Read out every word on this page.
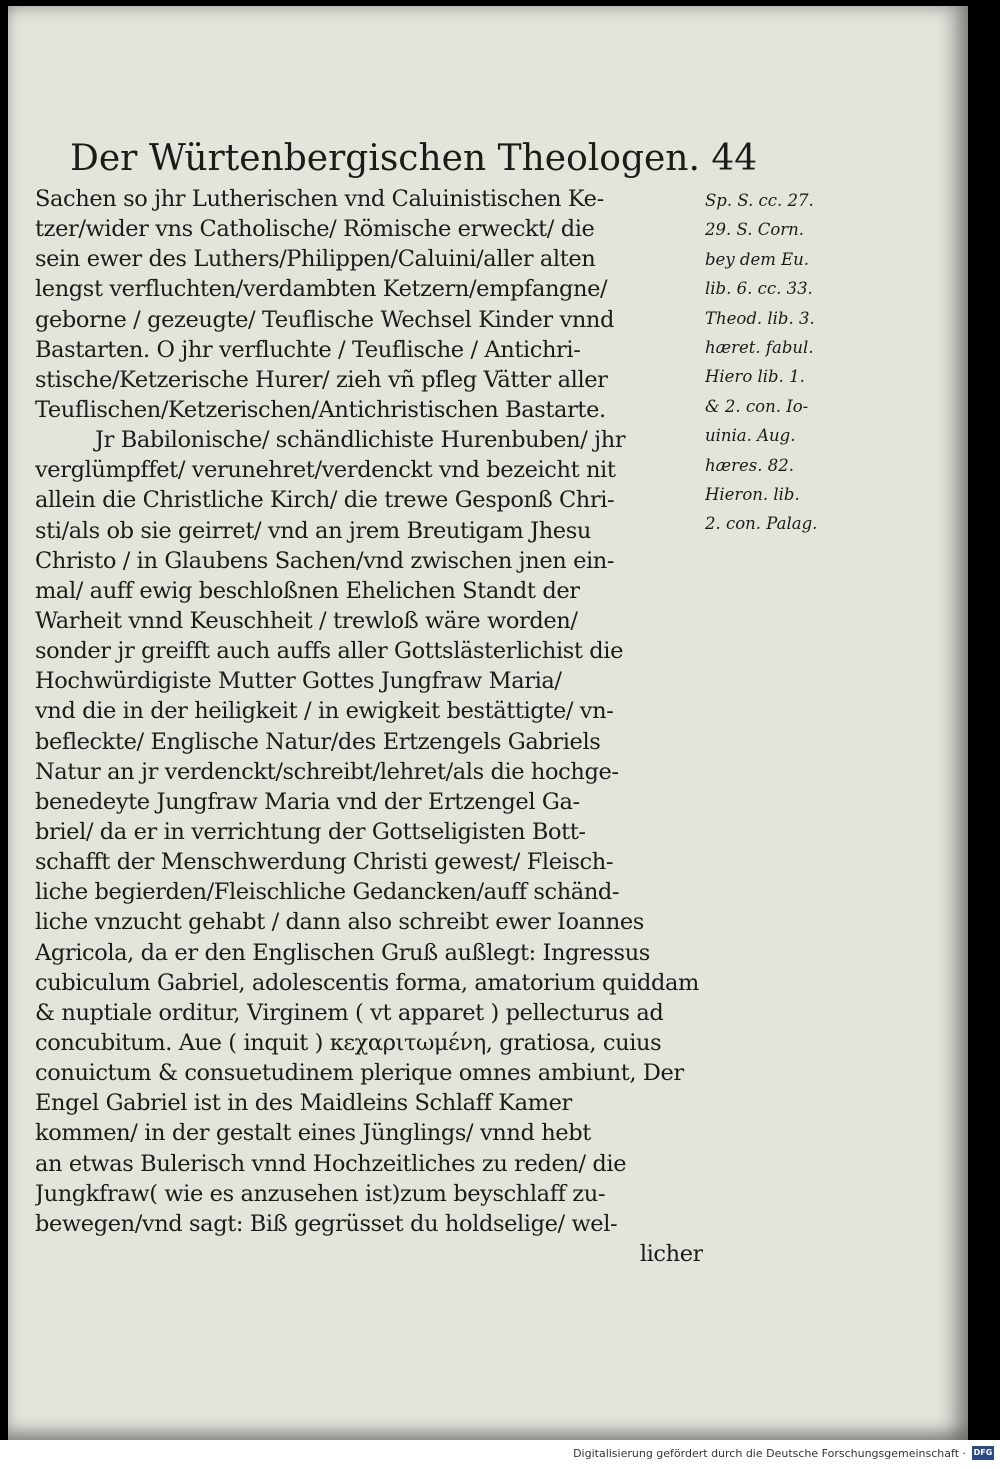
Der Würtenbergischen Theologen. 44
Sachen so jhr Lutherischen vnd Caluinistischen Ke-
tzer/wider vns Catholische/ Römische erweckt/ die
sein ewer des Luthers/Philippen/Caluini/aller alten
lengst verfluchten/verdambten Ketzern/empfangne/
geborne / gezeugte/ Teuflische Wechsel Kinder vnnd
Bastarten. O jhr verfluchte / Teuflische / Antichri-
stische/Ketzerische Hurer/ zieh vñ pfleg Vätter aller
Teuflischen/Ketzerischen/Antichristischen Bastarte.
Jr Babilonische/ schändlichiste Hurenbuben/ jhr
verglümpffet/ verunehret/verdenckt vnd bezeicht nit
allein die Christliche Kirch/ die trewe Gesponß Chri-
sti/als ob sie geirret/ vnd an jrem Breutigam Jhesu
Christo / in Glaubens Sachen/vnd zwischen jnen ein-
mal/ auff ewig beschloßnen Ehelichen Standt der
Warheit vnnd Keuschheit / trewloß wäre worden/
sonder jr greifft auch auffs aller Gottslästerlichist die
Hochwürdigiste Mutter Gottes Jungfraw Maria/
vnd die in der heiligkeit / in ewigkeit bestättigte/ vn-
befleckte/ Englische Natur/des Ertzengels Gabriels
Natur an jr verdenckt/schreibt/lehret/als die hochge-
benedeyte Jungfraw Maria vnd der Ertzengel Ga-
briel/ da er in verrichtung der Gottseligisten Bott-
schafft der Menschwerdung Christi gewest/ Fleisch-
liche begierden/Fleischliche Gedancken/auff schänd-
liche vnzucht gehabt / dann also schreibt ewer Ioannes
Agricola, da er den Englischen Gruß außlegt: Ingressus
cubiculum Gabriel, adolescentis forma, amatorium quiddam
& nuptiale orditur, Virginem ( vt apparet ) pellecturus ad
concubitum. Aue ( inquit ) κεχαριτωμένη, gratiosa, cuius
conuictum & consuetudinem plerique omnes ambiunt, Der
Engel Gabriel ist in des Maidleins Schlaff Kamer
kommen/ in der gestalt eines Jünglings/ vnnd hebt
an etwas Bulerisch vnnd Hochzeitliches zu reden/ die
Jungkfraw( wie es anzusehen ist)zum beyschlaff zu-
bewegen/vnd sagt: Biß gegrüsset du holdselige/ wel-
licher
Sp. S. cc. 27.
29. S. Corn.
bey dem Eu.
lib. 6. cc. 33.
Theod. lib. 3.
hæret. fabul.
Hiero lib. 1.
& 2. con. Io-
uinia. Aug.
hæres. 82.
Hieron. lib.
2. con. Palag.
Digitalisierung gefördert durch die Deutsche Forschungsgemeinschaft · DFG
